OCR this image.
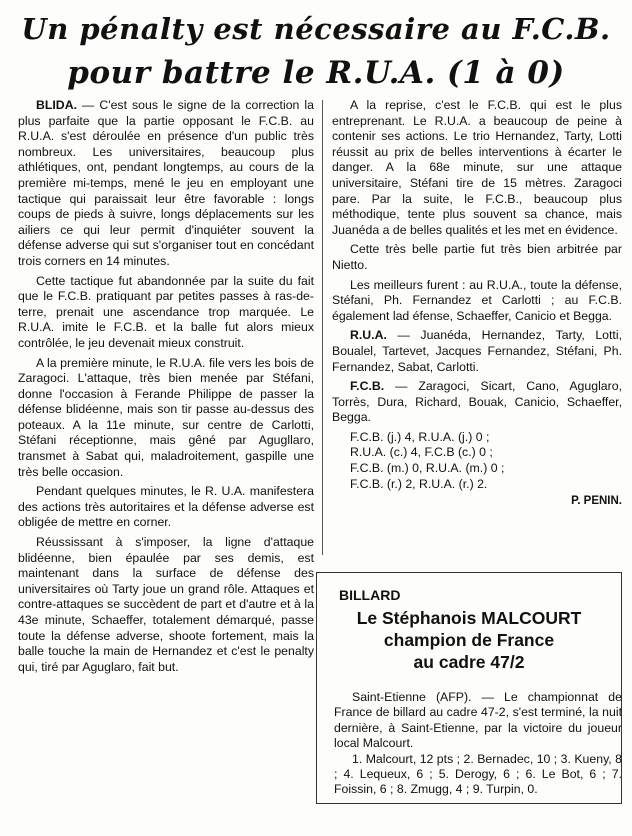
Un pénalty est nécessaire au F.C.B.
pour battre le R.U.A. (1 à 0)

BLIDA. — C'est sous le signe de la correction la plus parfaite que la partie opposant le F.C.B. au R.U.A. s'est déroulée en présence d'un public très nombreux. Les universitaires, beaucoup plus athlétiques, ont, pendant longtemps, au cours de la première mi-temps, mené le jeu en employant une tactique qui paraissait leur être favorable : longs coups de pieds à suivre, longs déplacements sur les ailiers ce qui leur permit d'inquiéter souvent la défense adverse qui sut s'organiser tout en concédant trois corners en 14 minutes.

Cette tactique fut abandonnée par la suite du fait que le F.C.B. pratiquant par petites passes à ras-de-terre, prenait une ascendance trop marquée. Le R.U.A. imite le F.C.B. et la balle fut alors mieux contrôlée, le jeu devenait mieux construit.

A la première minute, le R.U.A. file vers les bois de Zaragoci. L'attaque, très bien menée par Stéfani, donne l'occasion à Ferande Philippe de passer la défense blidéenne, mais son tir passe au-dessus des poteaux. A la 11e minute, sur centre de Carlotti, Stéfani réceptionne, mais gêné par Agugllaro, transmet à Sabat qui, maladroitement, gaspille une très belle occasion.

Pendant quelques minutes, le R. U.A. manifestera des actions très autoritaires et la défense adverse est obligée de mettre en corner.

Réussissant à s'imposer, la ligne d'attaque blidéenne, bien épaulée par ses demis, est maintenant dans la surface de défense des universitaires où Tarty joue un grand rôle. Attaques et contre-attaques se succèdent de part et d'autre et à la 43e minute, Schaeffer, totalement démarqué, passe toute la défense adverse, shoote fortement, mais la balle touche la main de Hernandez et c'est le penalty qui, tiré par Aguglaro, fait but.

A la reprise, c'est le F.C.B. qui est le plus entreprenant. Le R.U.A. a beaucoup de peine à contenir ses actions. Le trio Hernandez, Tarty, Lotti réussit au prix de belles interventions à écarter le danger. A la 68e minute, sur une attaque universitaire, Stéfani tire de 15 mètres. Zaragoci pare. Par la suite, le F.C.B., beaucoup plus méthodique, tente plus souvent sa chance, mais Juanéda a de belles qualités et les met en évidence.

Cette très belle partie fut très bien arbitrée par Nietto.

Les meilleurs furent : au R.U.A., toute la défense, Stéfani, Ph. Fernandez et Carlotti ; au F.C.B. également lad éfense, Schaeffer, Canicio et Begga.

R.U.A. — Juanéda, Hernandez, Tarty, Lotti, Boualel, Tartevet, Jacques Fernandez, Stéfani, Ph. Fernandez, Sabat, Carlotti.

F.C.B. — Zaragoci, Sicart, Cano, Aguglaro, Torrès, Dura, Richard, Bouak, Canicio, Schaeffer, Begga.

F.C.B. (j.) 4, R.U.A. (j.) 0 ;

R.U.A. (c.) 4, F.C.B (c.) 0 ;

F.C.B. (m.) 0, R.U.A. (m.) 0 ;

F.C.B. (r.) 2, R.U.A. (r.) 2.

P. PENIN.

BILLARD
Le Stéphanois MALCOURT
champion de France
au cadre 47/2

Saint-Etienne (AFP). — Le championnat de France de billard au cadre 47-2, s'est terminé, la nuit dernière, à Saint-Etienne, par la victoire du joueur local Malcourt.

1. Malcourt, 12 pts ; 2. Bernadec, 10 ; 3. Kueny, 8 ; 4. Lequeux, 6 ; 5. Derogy, 6 ; 6. Le Bot, 6 ; 7. Foissin, 6 ; 8. Zmugg, 4 ; 9. Turpin, 0.
